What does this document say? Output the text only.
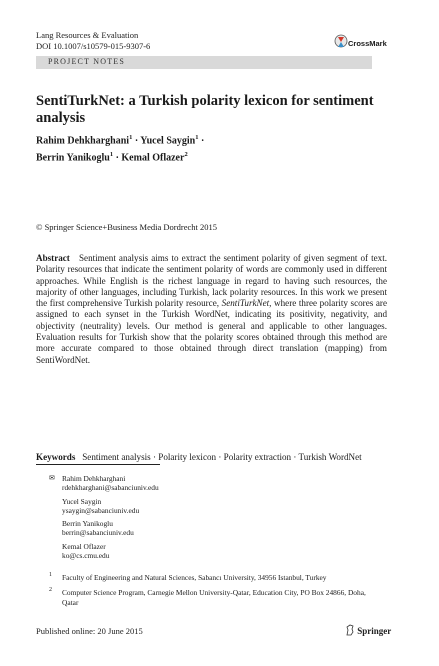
Lang Resources & Evaluation
DOI 10.1007/s10579-015-9307-6	CrossMark
PROJECT NOTES
SentiTurkNet: a Turkish polarity lexicon for sentiment analysis
Rahim Dehkharghani$^1$ · Yucel Saygin$^1$ ·
Berrin Yanikoglu$^1$ · Kemal Oflazer$^2$
© Springer Science+Business Media Dordrecht 2015
Abstract Sentiment analysis aims to extract the sentiment polarity of given segment of text. Polarity resources that indicate the sentiment polarity of words are commonly used in different approaches. While English is the richest language in regard to having such resources, the majority of other languages, including Turkish, lack polarity resources. In this work we present the first comprehensive Turkish polarity resource, SentiTurkNet, where three polarity scores are assigned to each synset in the Turkish WordNet, indicating its positivity, negativity, and objectivity (neutrality) levels. Our method is general and applicable to other languages. Evaluation results for Turkish show that the polarity scores obtained through this method are more accurate compared to those obtained through direct translation (mapping) from SentiWordNet.
Keywords Sentiment analysis · Polarity lexicon · Polarity extraction · Turkish WordNet
✉ Rahim Dehkharghani
rdehkharghani@sabanciuniv.edu
Yucel Saygin
ysaygin@sabanciuniv.edu
Berrin Yanikoglu
berrin@sabanciuniv.edu
Kemal Oflazer
ko@cs.cmu.edu
1 Faculty of Engineering and Natural Sciences, Sabancı University, 34956 Istanbul, Turkey
2 Computer Science Program, Carnegie Mellon University-Qatar, Education City, PO Box 24866, Doha, Qatar
Published online: 20 June 2015	Springer
